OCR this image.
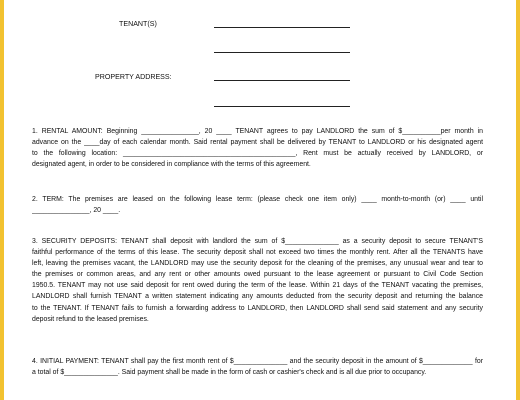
TENANT(S)
PROPERTY ADDRESS:
1. RENTAL AMOUNT: Beginning _______________, 20 ____ TENANT agrees to pay LANDLORD the sum of $__________per month in
advance on the ____day of each calendar month. Said rental payment shall be delivered by TENANT to LANDLORD or his designated agent
to the following location: _____________________________________________, Rent must be actually received by LANDLORD, or
designated agent, in order to be considered in compliance with the terms of this agreement.
2. TERM: The premises are leased on the following lease term: (please check one item only) ____ month-to-month (or) ____ until
_______________, 20 ____.
3. SECURITY DEPOSITS: TENANT shall deposit with landlord the sum of $______________ as a security deposit to secure TENANT'S
faithful performance of the terms of this lease. The security deposit shall not exceed two times the monthly rent. After all the TENANTS have
left, leaving the premises vacant, the LANDLORD may use the security deposit for the cleaning of the premises, any unusual wear and tear to
the premises or common areas, and any rent or other amounts owed pursuant to the lease agreement or pursuant to Civil Code Section
1950.5. TENANT may not use said deposit for rent owed during the term of the lease. Within 21 days of the TENANT vacating the premises,
LANDLORD shall furnish TENANT a written statement indicating any amounts deducted from the security deposit and returning the balance
to the TENANT. If TENANT fails to furnish a forwarding address to LANDLORD, then LANDLORD shall send said statement and any security
deposit refund to the leased premises.
4. INITIAL PAYMENT: TENANT shall pay the first month rent of $______________ and the security deposit in the amount of $_____________ for
a total of $______________. Said payment shall be made in the form of cash or cashier's check and is all due prior to occupancy.
